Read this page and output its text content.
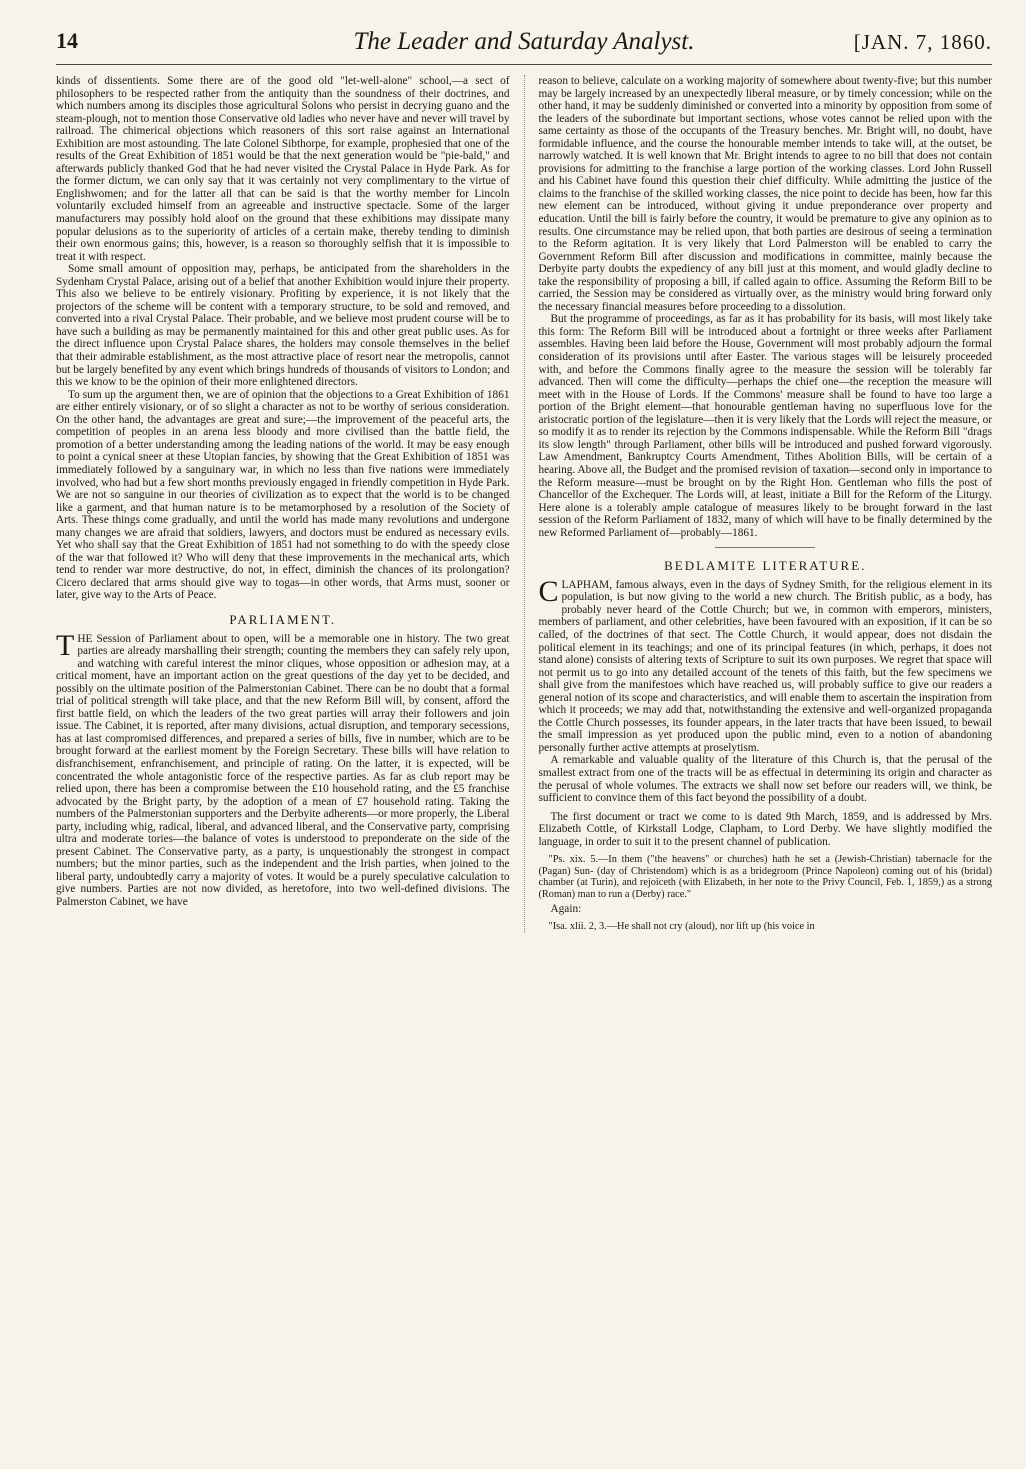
14	The Leader and Saturday Analyst.	[JAN. 7, 1860.

kinds of dissentients. Some there are of the good old "let-well-alone" school,—a sect of philosophers to be respected rather from the antiquity than the soundness of their doctrines, and which numbers among its disciples those agricultural Solons who persist in decrying guano and the steam-plough, not to mention those Conservative old ladies who never have and never will travel by railroad. The chimerical objections which reasoners of this sort raise against an International Exhibition are most astounding. The late Colonel Sibthorpe, for example, prophesied that one of the results of the Great Exhibition of 1851 would be that the next generation would be "pie-bald," and afterwards publicly thanked God that he had never visited the Crystal Palace in Hyde Park. As for the former dictum, we can only say that it was certainly not very complimentary to the virtue of Englishwomen; and for the latter all that can be said is that the worthy member for Lincoln voluntarily excluded himself from an agreeable and instructive spectacle. Some of the larger manufacturers may possibly hold aloof on the ground that these exhibitions may dissipate many popular delusions as to the superiority of articles of a certain make, thereby tending to diminish their own enormous gains; this, however, is a reason so thoroughly selfish that it is impossible to treat it with respect.

Some small amount of opposition may, perhaps, be anticipated from the shareholders in the Sydenham Crystal Palace, arising out of a belief that another Exhibition would injure their property. This also we believe to be entirely visionary. Profiting by experience, it is not likely that the projectors of the scheme will be content with a temporary structure, to be sold and removed, and converted into a rival Crystal Palace. Their probable, and we believe most prudent course will be to have such a building as may be permanently maintained for this and other great public uses. As for the direct influence upon Crystal Palace shares, the holders may console themselves in the belief that their admirable establishment, as the most attractive place of resort near the metropolis, cannot but be largely benefited by any event which brings hundreds of thousands of visitors to London; and this we know to be the opinion of their more enlightened directors.

To sum up the argument then, we are of opinion that the objections to a Great Exhibition of 1861 are either entirely visionary, or of so slight a character as not to be worthy of serious consideration. On the other hand, the advantages are great and sure;—the improvement of the peaceful arts, the competition of peoples in an arena less bloody and more civilised than the battle field, the promotion of a better understanding among the leading nations of the world. It may be easy enough to point a cynical sneer at these Utopian fancies, by showing that the Great Exhibition of 1851 was immediately followed by a sanguinary war, in which no less than five nations were immediately involved, who had but a few short months previously engaged in friendly competition in Hyde Park. We are not so sanguine in our theories of civilization as to expect that the world is to be changed like a garment, and that human nature is to be metamorphosed by a resolution of the Society of Arts. These things come gradually, and until the world has made many revolutions and undergone many changes we are afraid that soldiers, lawyers, and doctors must be endured as necessary evils. Yet who shall say that the Great Exhibition of 1851 had not something to do with the speedy close of the war that followed it? Who will deny that these improvements in the mechanical arts, which tend to render war more destructive, do not, in effect, diminish the chances of its prolongation? Cicero declared that arms should give way to togas—in other words, that Arms must, sooner or later, give way to the Arts of Peace.

PARLIAMENT.

THE Session of Parliament about to open, will be a memorable one in history. The two great parties are already marshalling their strength; counting the members they can safely rely upon, and watching with careful interest the minor cliques, whose opposition or adhesion may, at a critical moment, have an important action on the great questions of the day yet to be decided, and possibly on the ultimate position of the Palmerstonian Cabinet. There can be no doubt that a formal trial of political strength will take place, and that the new Reform Bill will, by consent, afford the first battle field, on which the leaders of the two great parties will array their followers and join issue. The Cabinet, it is reported, after many divisions, actual disruption, and temporary secessions, has at last compromised differences, and prepared a series of bills, five in number, which are to be brought forward at the earliest moment by the Foreign Secretary. These bills will have relation to disfranchisement, enfranchisement, and principle of rating. On the latter, it is expected, will be concentrated the whole antagonistic force of the respective parties. As far as club report may be relied upon, there has been a compromise between the £10 household rating, and the £5 franchise advocated by the Bright party, by the adoption of a mean of £7 household rating. Taking the numbers of the Palmerstonian supporters and the Derbyite adherents—or more properly, the Liberal party, including whig, radical, liberal, and advanced liberal, and the Conservative party, comprising ultra and moderate tories—the balance of votes is understood to preponderate on the side of the present Cabinet. The Conservative party, as a party, is unquestionably the strongest in compact numbers; but the minor parties, such as the independent and the Irish parties, when joined to the liberal party, undoubtedly carry a majority of votes. It would be a purely speculative calculation to give numbers. Parties are not now divided, as heretofore, into two well-defined divisions. The Palmerston Cabinet, we have

reason to believe, calculate on a working majority of somewhere about twenty-five; but this number may be largely increased by an unexpectedly liberal measure, or by timely concession; while on the other hand, it may be suddenly diminished or converted into a minority by opposition from some of the leaders of the subordinate but important sections, whose votes cannot be relied upon with the same certainty as those of the occupants of the Treasury benches. Mr. Bright will, no doubt, have formidable influence, and the course the honourable member intends to take will, at the outset, be narrowly watched. It is well known that Mr. Bright intends to agree to no bill that does not contain provisions for admitting to the franchise a large portion of the working classes. Lord John Russell and his Cabinet have found this question their chief difficulty. While admitting the justice of the claims to the franchise of the skilled working classes, the nice point to decide has been, how far this new element can be introduced, without giving it undue preponderance over property and education. Until the bill is fairly before the country, it would be premature to give any opinion as to results. One circumstance may be relied upon, that both parties are desirous of seeing a termination to the Reform agitation. It is very likely that Lord Palmerston will be enabled to carry the Government Reform Bill after discussion and modifications in committee, mainly because the Derbyite party doubts the expediency of any bill just at this moment, and would gladly decline to take the responsibility of proposing a bill, if called again to office. Assuming the Reform Bill to be carried, the Session may be considered as virtually over, as the ministry would bring forward only the necessary financial measures before proceeding to a dissolution.

But the programme of proceedings, as far as it has probability for its basis, will most likely take this form: The Reform Bill will be introduced about a fortnight or three weeks after Parliament assembles. Having been laid before the House, Government will most probably adjourn the formal consideration of its provisions until after Easter. The various stages will be leisurely proceeded with, and before the Commons finally agree to the measure the session will be tolerably far advanced. Then will come the difficulty—perhaps the chief one—the reception the measure will meet with in the House of Lords. If the Commons' measure shall be found to have too large a portion of the Bright element—that honourable gentleman having no superfluous love for the aristocratic portion of the legislature—then it is very likely that the Lords will reject the measure, or so modify it as to render its rejection by the Commons indispensable. While the Reform Bill "drags its slow length" through Parliament, other bills will be introduced and pushed forward vigorously. Law Amendment, Bankruptcy Courts Amendment, Tithes Abolition Bills, will be certain of a hearing. Above all, the Budget and the promised revision of taxation—second only in importance to the Reform measure—must be brought on by the Right Hon. Gentleman who fills the post of Chancellor of the Exchequer. The Lords will, at least, initiate a Bill for the Reform of the Liturgy. Here alone is a tolerably ample catalogue of measures likely to be brought forward in the last session of the Reform Parliament of 1832, many of which will have to be finally determined by the new Reformed Parliament of—probably—1861.

BEDLAMITE LITERATURE.

CLAPHAM, famous always, even in the days of Sydney Smith, for the religious element in its population, is but now giving to the world a new church. The British public, as a body, has probably never heard of the Cottle Church; but we, in common with emperors, ministers, members of parliament, and other celebrities, have been favoured with an exposition, if it can be so called, of the doctrines of that sect. The Cottle Church, it would appear, does not disdain the political element in its teachings; and one of its principal features (in which, perhaps, it does not stand alone) consists of altering texts of Scripture to suit its own purposes. We regret that space will not permit us to go into any detailed account of the tenets of this faith, but the few specimens we shall give from the manifestoes which have reached us, will probably suffice to give our readers a general notion of its scope and characteristics, and will enable them to ascertain the inspiration from which it proceeds; we may add that, notwithstanding the extensive and well-organized propaganda the Cottle Church possesses, its founder appears, in the later tracts that have been issued, to bewail the small impression as yet produced upon the public mind, even to a notion of abandoning personally further active attempts at proselytism.

A remarkable and valuable quality of the literature of this Church is, that the perusal of the smallest extract from one of the tracts will be as effectual in determining its origin and character as the perusal of whole volumes. The extracts we shall now set before our readers will, we think, be sufficient to convince them of this fact beyond the possibility of a doubt.

The first document or tract we come to is dated 9th March, 1859, and is addressed by Mrs. Elizabeth Cottle, of Kirkstall Lodge, Clapham, to Lord Derby. We have slightly modified the language, in order to suit it to the present channel of publication.

"Ps. xix. 5.—In them ("the heavens" or churches) hath he set a (Jewish-Christian) tabernacle for the (Pagan) Sun- (day of Christendom) which is as a bridegroom (Prince Napoleon) coming out of his (bridal) chamber (at Turin), and rejoiceth (with Elizabeth, in her note to the Privy Council, Feb. 1, 1859,) as a strong (Roman) man to run a (Derby) race."

Again:

"Isa. xlii. 2, 3.—He shall not cry (aloud), nor lift up (his voice in
